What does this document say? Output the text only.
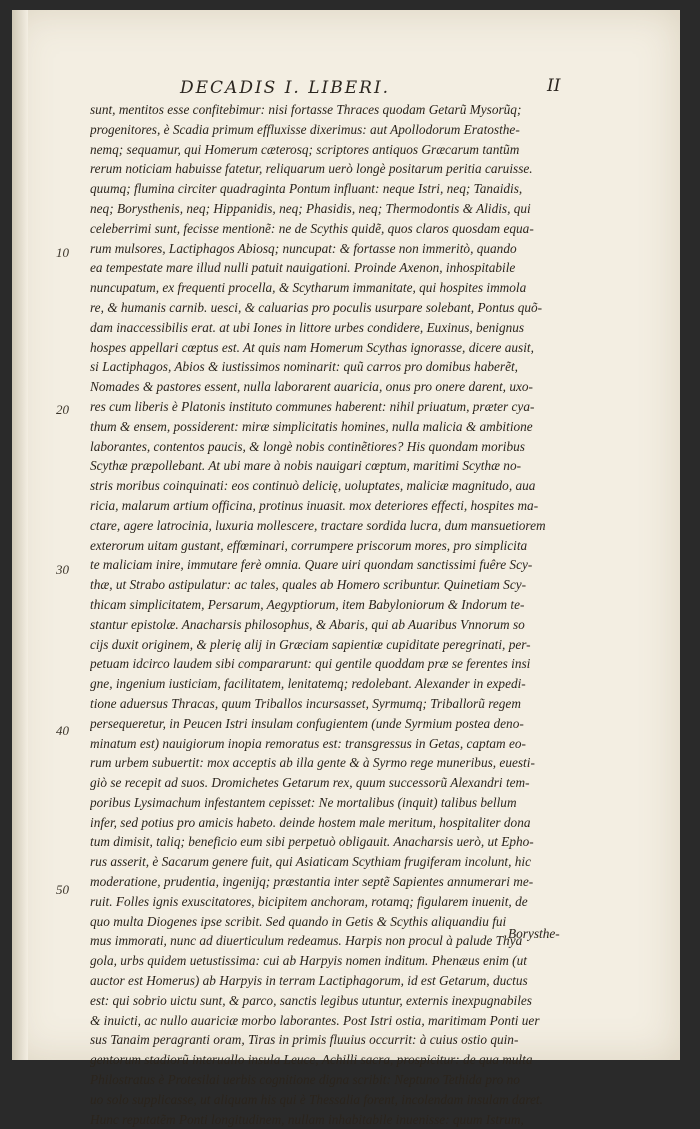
DECADIS I. LIBERI.	II
10
20
30
40
50
sunt, mentitos esse confitebimur: nisi fortasse Thraces quodam Getarũ Mysorũq;
progenitores, è Scadia primum effluxisse dixerimus: aut Apollodorum Eratosthe-
nemq; sequamur, qui Homerum cæterosq; scriptores antiquos Græcarum tantũm
rerum noticiam habuisse fatetur, reliquarum uerò longè positarum peritia caruisse.
quumq; flumina circiter quadraginta Pontum influant: neque Istri, neq; Tanaidis,
neq; Borysthenis, neq; Hippanidis, neq; Phasidis, neq; Thermodontis & Alidis, qui
celeberrimi sunt, fecisse mentionẽ: ne de Scythis quidẽ, quos claros quosdam equa-
rum mulsores, Lactiphagos Abiosq; nuncupat: & fortasse non immeritò, quando
ea tempestate mare illud nulli patuit nauigationi. Proinde Axenon, inhospitabile
nuncupatum, ex frequenti procella, & Scytharum immanitate, qui hospites immola
re, & humanis carnib. uesci, & caluarias pro poculis usurpare solebant, Pontus quõ-
dam inaccessibilis erat. at ubi Iones in littore urbes condidere, Euxinus, benignus
hospes appellari cœptus est. At quis nam Homerum Scythas ignorasse, dicere ausit,
si Lactiphagos, Abios & iustissimos nominarit: quũ carros pro domibus haberẽt,
Nomades & pastores essent, nulla laborarent auaricia, onus pro onere darent, uxo-
res cum liberis è Platonis instituto communes haberent: nihil priuatum, præter cya-
thum & ensem, possiderent: miræ simplicitatis homines, nulla malicia & ambitione
laborantes, contentos paucis, & longè nobis continẽtiores? His quondam moribus
Scythæ præpollebant. At ubi mare à nobis nauigari cœptum, maritimi Scythæ no-
stris moribus coinquinati: eos continuò delicię, uoluptates, maliciæ magnitudo, aua
ricia, malarum artium officina, protinus inuasit. mox deteriores effecti, hospites ma-
ctare, agere latrocinia, luxuria mollescere, tractare sordida lucra, dum mansuetiorem
exterorum uitam gustant, effœminari, corrumpere priscorum mores, pro simplicita
te maliciam inire, immutare ferè omnia. Quare uiri quondam sanctissimi fuêre Scy-
thæ, ut Strabo astipulatur: ac tales, quales ab Homero scribuntur. Quinetiam Scy-
thicam simplicitatem, Persarum, Aegyptiorum, item Babyloniorum & Indorum te-
stantur epistolæ. Anacharsis philosophus, & Abaris, qui ab Auaribus Vnnorum so
cijs duxit originem, & plerię alij in Græciam sapientiæ cupiditate peregrinati, per-
petuam idcirco laudem sibi compararunt: qui gentile quoddam præ se ferentes insi
gne, ingenium iusticiam, facilitatem, lenitatemq; redolebant. Alexander in expedi-
tione aduersus Thracas, quum Triballos incursasset, Syrmumq; Triballorũ regem
persequeretur, in Peucen Istri insulam confugientem (unde Syrmium postea deno-
minatum est) nauigiorum inopia remoratus est: transgressus in Getas, captam eo-
rum urbem subuertit: mox acceptis ab illa gente & à Syrmo rege muneribus, euesti-
giò se recepit ad suos. Dromichetes Getarum rex, quum successorũ Alexandri tem-
poribus Lysimachum infestantem cepisset: Ne mortalibus (inquit) talibus bellum
infer, sed potius pro amicis habeto. deinde hostem male meritum, hospitaliter dona
tum dimisit, taliq; beneficio eum sibi perpetuò obligauit. Anacharsis uerò, ut Epho-
rus asserit, è Sacarum genere fuit, qui Asiaticam Scythiam frugiferam incolunt, hic
moderatione, prudentia, ingenijq; præstantia inter septẽ Sapientes annumerari me-
ruit. Folles ignis exuscitatores, bicipitem anchoram, rotamq; figularem inuenit, de
quo multa Diogenes ipse scribit. Sed quando in Getis & Scythis aliquandiu fui
mus immorati, nunc ad diuerticulum redeamus. Harpis non procul à palude Thya
gola, urbs quidem uetustissima: cui ab Harpyis nomen inditum. Phenæus enim (ut
auctor est Homerus) ab Harpyis in terram Lactiphagorum, id est Getarum, ductus
est: qui sobrio uictu sunt, & parco, sanctis legibus utuntur, externis inexpugnabiles
& inuicti, ac nullo auariciæ morbo laborantes. Post Istri ostia, maritimam Ponti uer
sus Tanaim peragranti oram, Tiras in primis fluuius occurrit: à cuius ostio quin-
gentorum stadiorũ interuallo insula Leuce, Achilli sacra, prospicitur: de qua multa
Philostratus è Protesilai uerbis cognitione digna scribit: Neptuno Tethida pro no
uo solo supplicasse, ut aliquam his qui è Thessalia forent, incolendam insulam daret.
Hunc reputatẽm Ponti longitudinem, nullam inhabitabile inuenisse: quum Istrum,
Borysthe-
